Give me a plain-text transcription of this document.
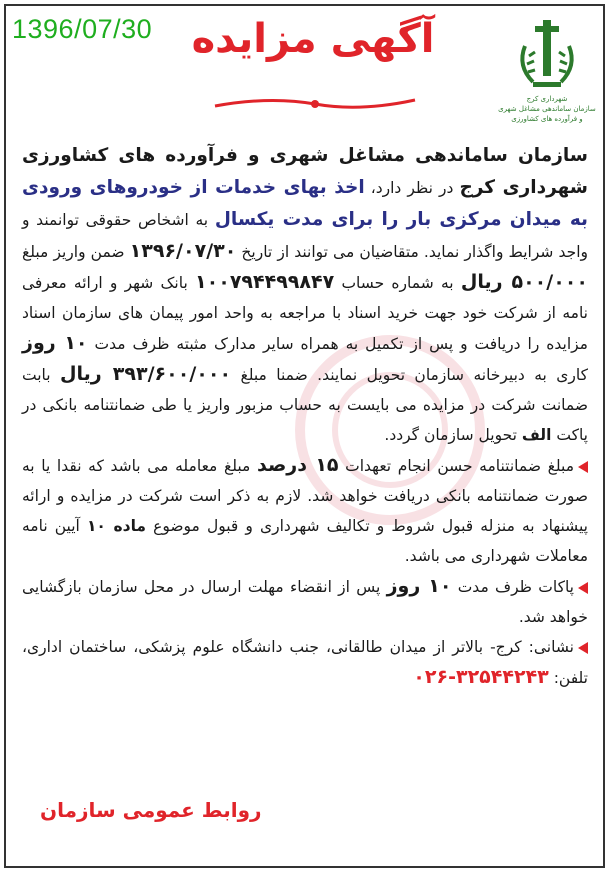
1396/07/30 آگهی مزایده
شهرداری کرج
سازمان ساماندهی مشاغل شهری
و فرآورده های کشاورزی

سازمان ساماندهی مشاغل شهری و فرآورده های کشاورزی شهرداری کرج در نظر دارد، اخذ بهای خدمات از خودروهای ورودی به میدان مرکزی بار را برای مدت یکسال به اشخاص حقوقی توانمند و واجد شرایط واگذار نماید. متقاضیان می توانند از تاریخ ۱۳۹۶/۰۷/۳۰ ضمن واریز مبلغ ۵۰۰/۰۰۰ ریال به شماره حساب ۱۰۰۷۹۴۴۹۹۸۴۷ بانک شهر و ارائه معرفی نامه از شرکت خود جهت خرید اسناد با مراجعه به واحد امور پیمان های سازمان اسناد مزایده را دریافت و پس از تکمیل به همراه سایر مدارک مثبته ظرف مدت ۱۰ روز کاری به دبیرخانه سازمان تحویل نمایند. ضمنا مبلغ ۳۹۳/۶۰۰/۰۰۰ ریال بابت ضمانت شرکت در مزایده می بایست به حساب مزبور واریز یا طی ضمانتنامه بانکی در پاکت الف تحویل سازمان گردد.

مبلغ ضمانتنامه حسن انجام تعهدات ۱۵ درصد مبلغ معامله می باشد که نقدا یا به صورت ضمانتنامه بانکی دریافت خواهد شد. لازم به ذکر است شرکت در مزایده و ارائه پیشنهاد به منزله قبول شروط و تکالیف شهرداری و قبول موضوع ماده ۱۰ آیین نامه معاملات شهرداری می باشد.

پاکات ظرف مدت ۱۰ روز پس از انقضاء مهلت ارسال در محل سازمان بازگشایی خواهد شد.

نشانی: کرج- بالاتر از میدان طالقانی، جنب دانشگاه علوم پزشکی، ساختمان اداری، تلفن: ۳۲۵۴۴۲۴۳-۰۲۶

روابط عمومی سازمان
